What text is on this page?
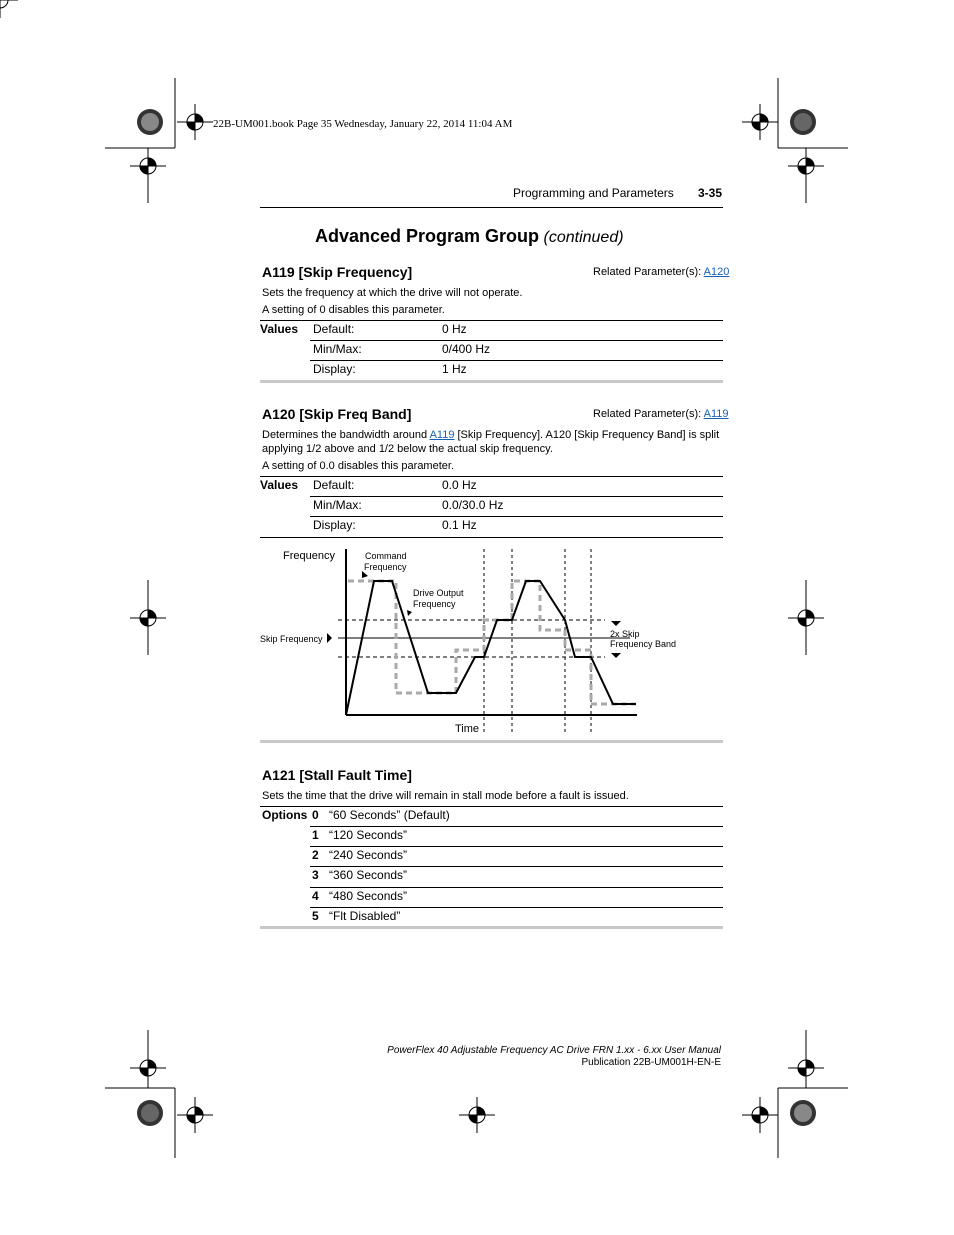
22B-UM001.book Page 35 Wednesday, January 22, 2014 11:04 AM
Programming and Parameters 3-35
Advanced Program Group (continued)
A119 [Skip Frequency]	Related Parameter(s): A120
Sets the frequency at which the drive will not operate.
A setting of 0 disables this parameter.
Values Default:	0 Hz
Min/Max:	0/400 Hz
Display:	1 Hz
A120 [Skip Freq Band]	Related Parameter(s): A119
Determines the bandwidth around A119 [Skip Frequency]. A120 [Skip Frequency Band] is split
applying 1/2 above and 1/2 below the actual skip frequency.
A setting of 0.0 disables this parameter.
Values Default:	0.0 Hz
Min/Max:	0.0/30.0 Hz
Display:	0.1 Hz
Frequency
Time
Skip Frequency
Command
Frequency
Drive Output
Frequency
2x Skip
Frequency Band
A121 [Stall Fault Time]
Sets the time that the drive will remain in stall mode before a fault is issued.
Options 0 “60 Seconds” (Default)
1 “120 Seconds”
2 “240 Seconds”
3 “360 Seconds”
4 “480 Seconds”
5 “Flt Disabled”
PowerFlex 40 Adjustable Frequency AC Drive FRN 1.xx - 6.xx User Manual
Publication 22B-UM001H-EN-E
